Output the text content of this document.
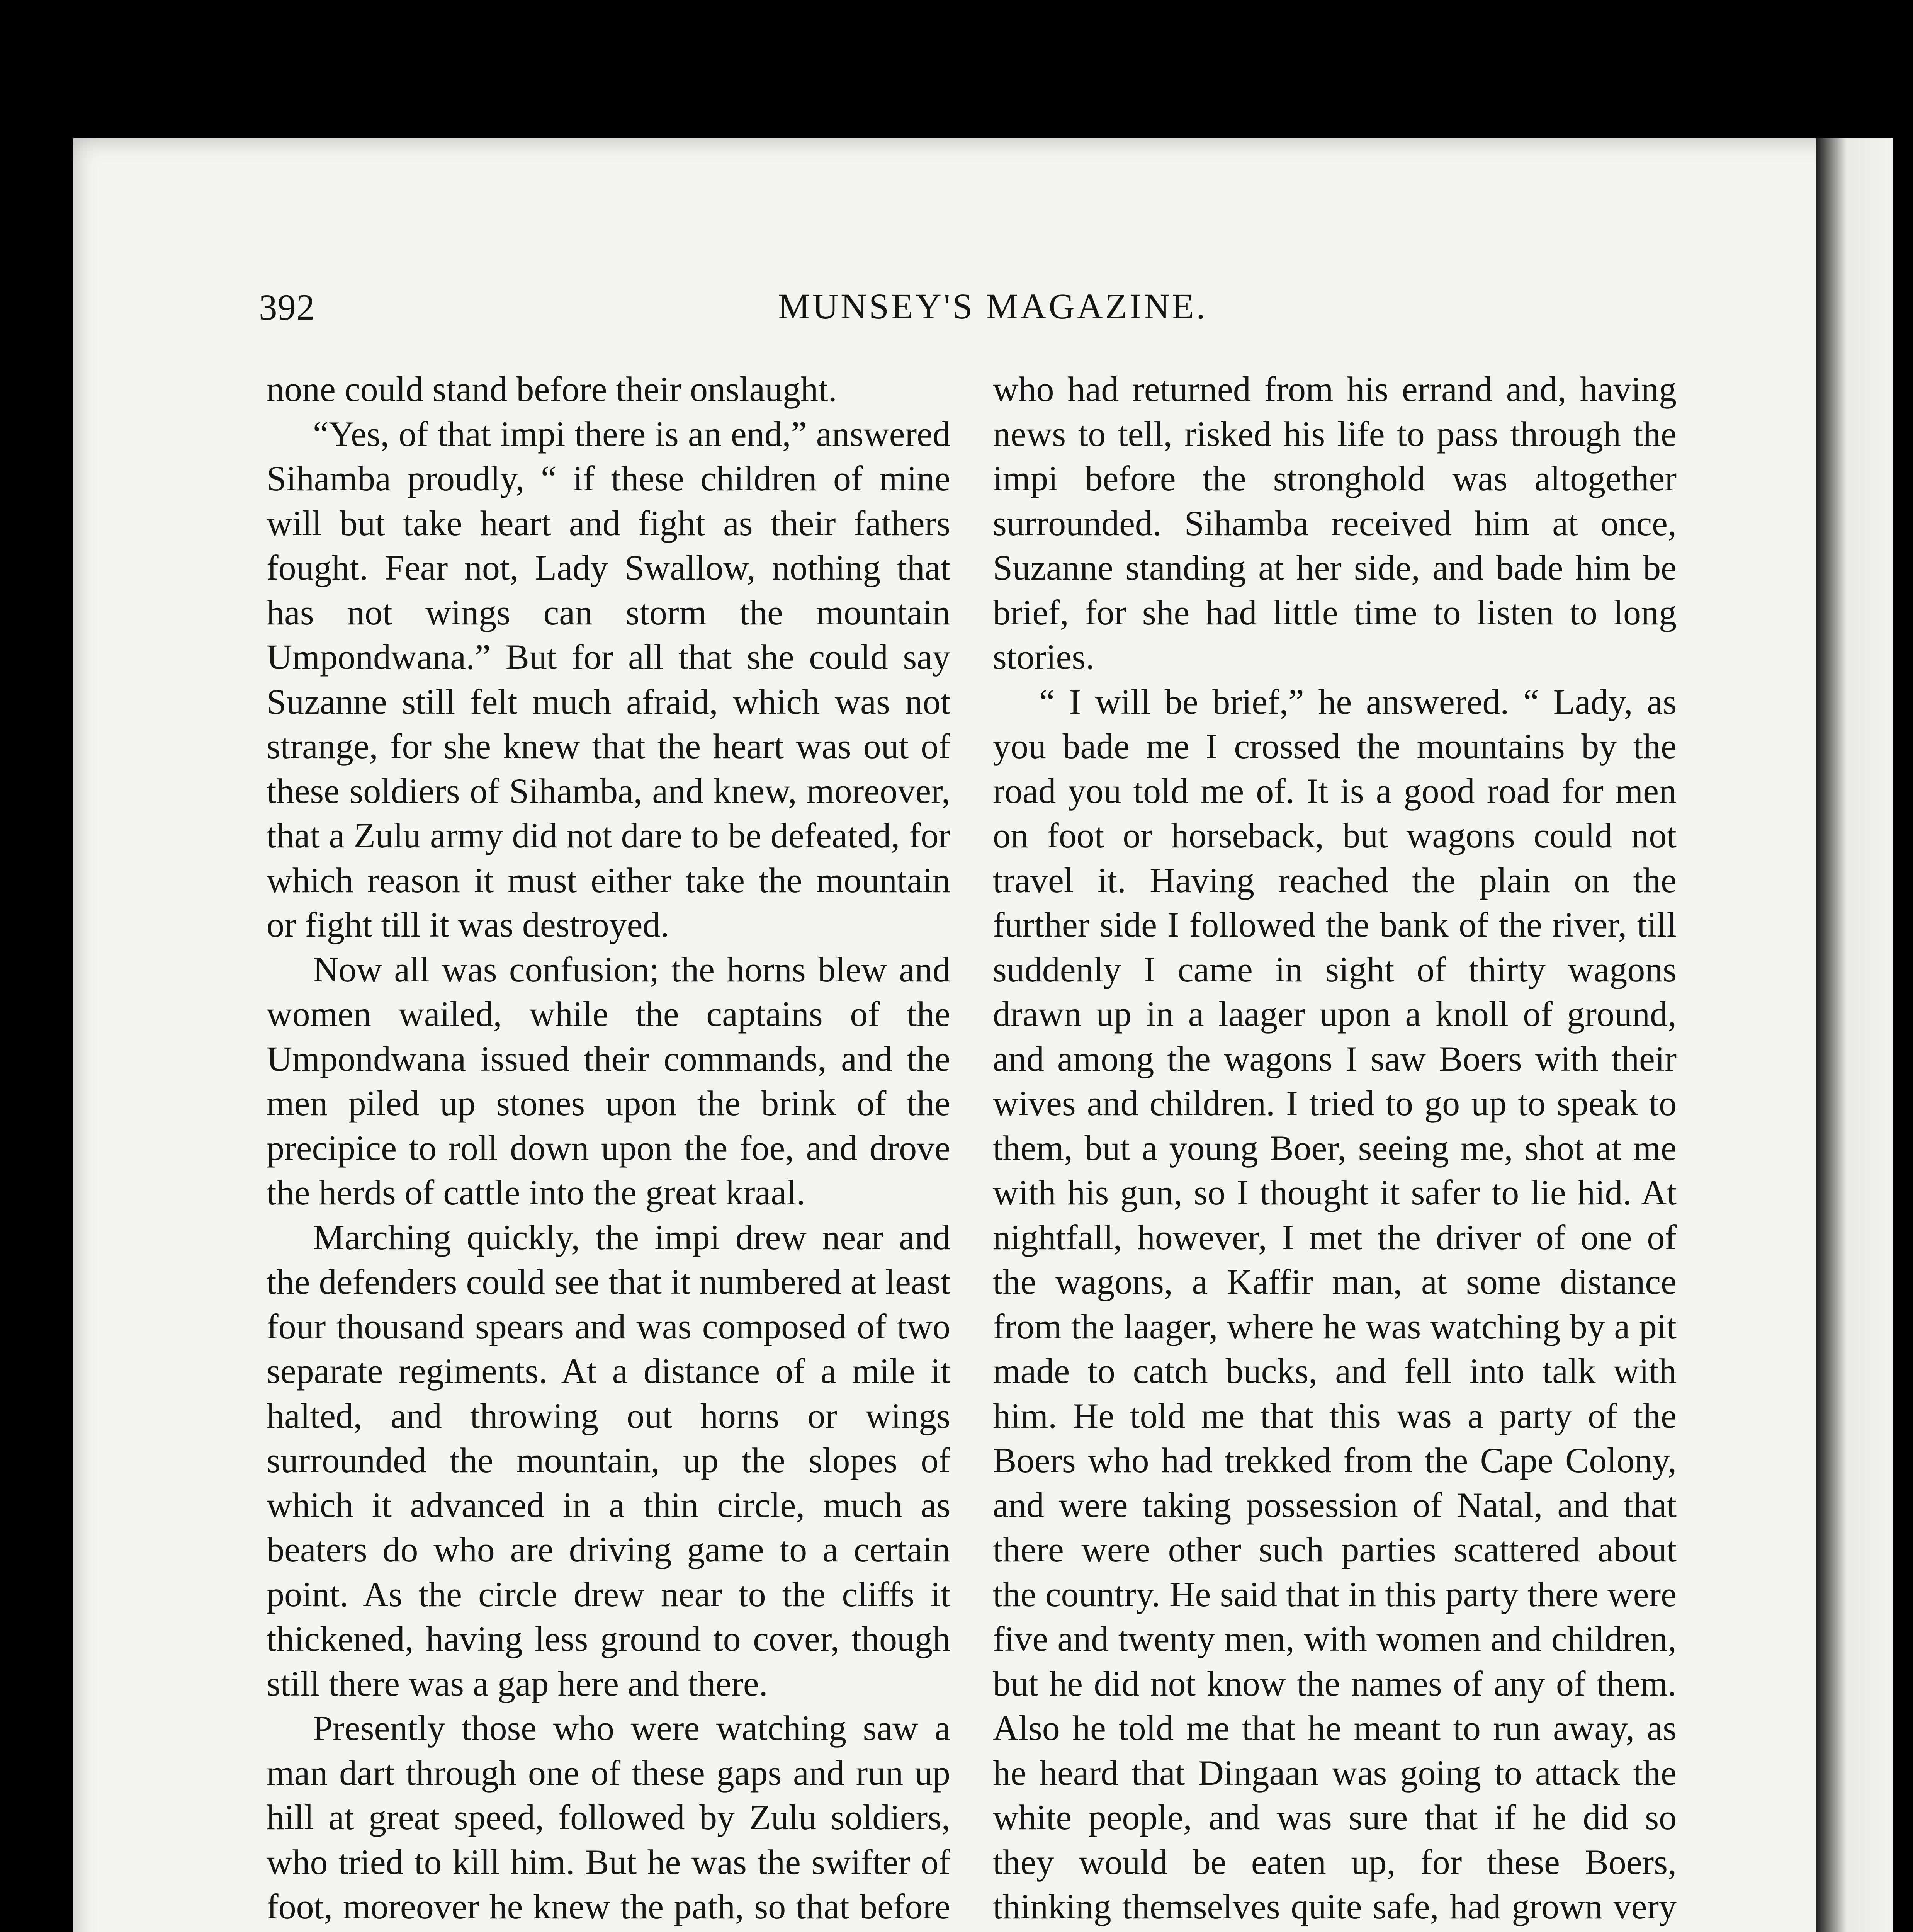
392	MUNSEY'S MAGAZINE.

none could stand before their onslaught.

“Yes, of that impi there is an end,” answered Sihamba proudly, “ if these children of mine will but take heart and fight as their fathers fought. Fear not, Lady Swallow, nothing that has not wings can storm the mountain Umpondwana.” But for all that she could say Suzanne still felt much afraid, which was not strange, for she knew that the heart was out of these soldiers of Sihamba, and knew, moreover, that a Zulu army did not dare to be defeated, for which reason it must either take the mountain or fight till it was destroyed.

Now all was confusion; the horns blew and women wailed, while the captains of the Umpondwana issued their commands, and the men piled up stones upon the brink of the precipice to roll down upon the foe, and drove the herds of cattle into the great kraal.

Marching quickly, the impi drew near and the defenders could see that it numbered at least four thousand spears and was composed of two separate regiments. At a distance of a mile it halted, and throwing out horns or wings surrounded the mountain, up the slopes of which it advanced in a thin circle, much as beaters do who are driving game to a certain point. As the circle drew near to the cliffs it thickened, having less ground to cover, though still there was a gap here and there.

Presently those who were watching saw a man dart through one of these gaps and run up hill at great speed, followed by Zulu soldiers, who tried to kill him. But he was the swifter of foot, moreover he knew the path, so that before

who had returned from his errand and, having news to tell, risked his life to pass through the impi before the stronghold was altogether surrounded. Sihamba received him at once, Suzanne standing at her side, and bade him be brief, for she had little time to listen to long stories.

“ I will be brief,” he answered. “ Lady, as you bade me I crossed the mountains by the road you told me of. It is a good road for men on foot or horseback, but wagons could not travel it. Having reached the plain on the further side I followed the bank of the river, till suddenly I came in sight of thirty wagons drawn up in a laager upon a knoll of ground, and among the wagons I saw Boers with their wives and children. I tried to go up to speak to them, but a young Boer, seeing me, shot at me with his gun, so I thought it safer to lie hid. At nightfall, however, I met the driver of one of the wagons, a Kaffir man, at some distance from the laager, where he was watching by a pit made to catch bucks, and fell into talk with him. He told me that this was a party of the Boers who had trekked from the Cape Colony, and were taking possession of Natal, and that there were other such parties scattered about the country. He said that in this party there were five and twenty men, with women and children, but he did not know the names of any of them. Also he told me that he meant to run away, as he heard that Dingaan was going to attack the white people, and was sure that if he did so they would be eaten up, for these Boers, thinking themselves quite safe, had grown very
